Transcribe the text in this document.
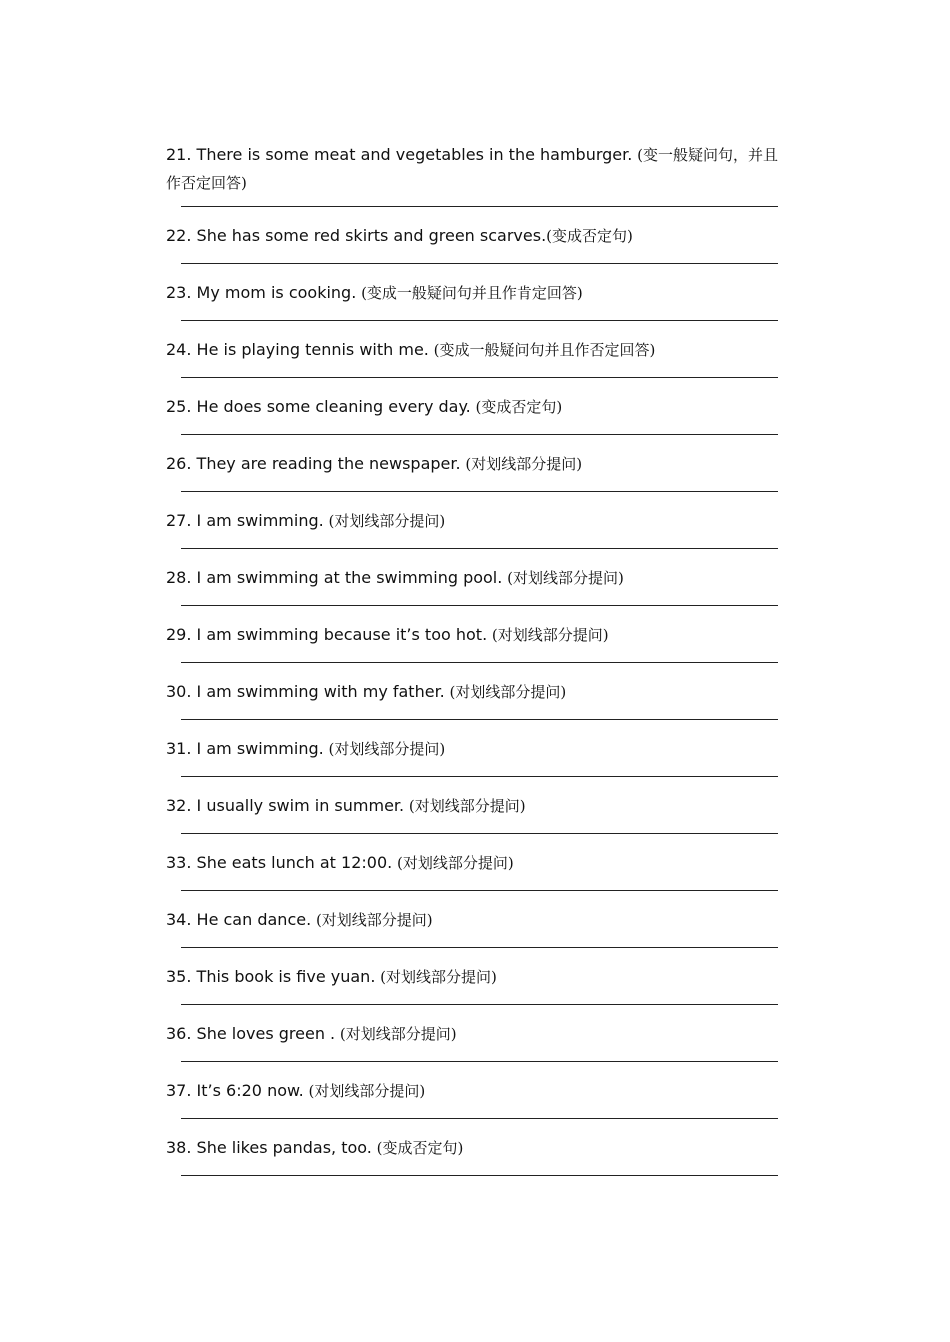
21. There is some meat and vegetables in the hamburger. (变一般疑问句，并且作否定回答)

22. She has some red skirts and green scarves.(变成否定句)

23. My mom is cooking. (变成一般疑问句并且作肯定回答)

24. He is playing tennis with me. (变成一般疑问句并且作否定回答)

25. He does some cleaning every day. (变成否定句)

26. They are reading the newspaper. (对划线部分提问)

27. I am swimming. (对划线部分提问)

28. I am swimming at the swimming pool. (对划线部分提问)

29. I am swimming because it’s too hot. (对划线部分提问)

30. I am swimming with my father. (对划线部分提问)

31. I am swimming. (对划线部分提问)

32. I usually swim in summer. (对划线部分提问)

33. She eats lunch at 12:00. (对划线部分提问)

34. He can dance. (对划线部分提问)

35. This book is five yuan. (对划线部分提问)

36. She loves green . (对划线部分提问)

37. It’s 6:20 now. (对划线部分提问)

38. She likes pandas, too. (变成否定句)
